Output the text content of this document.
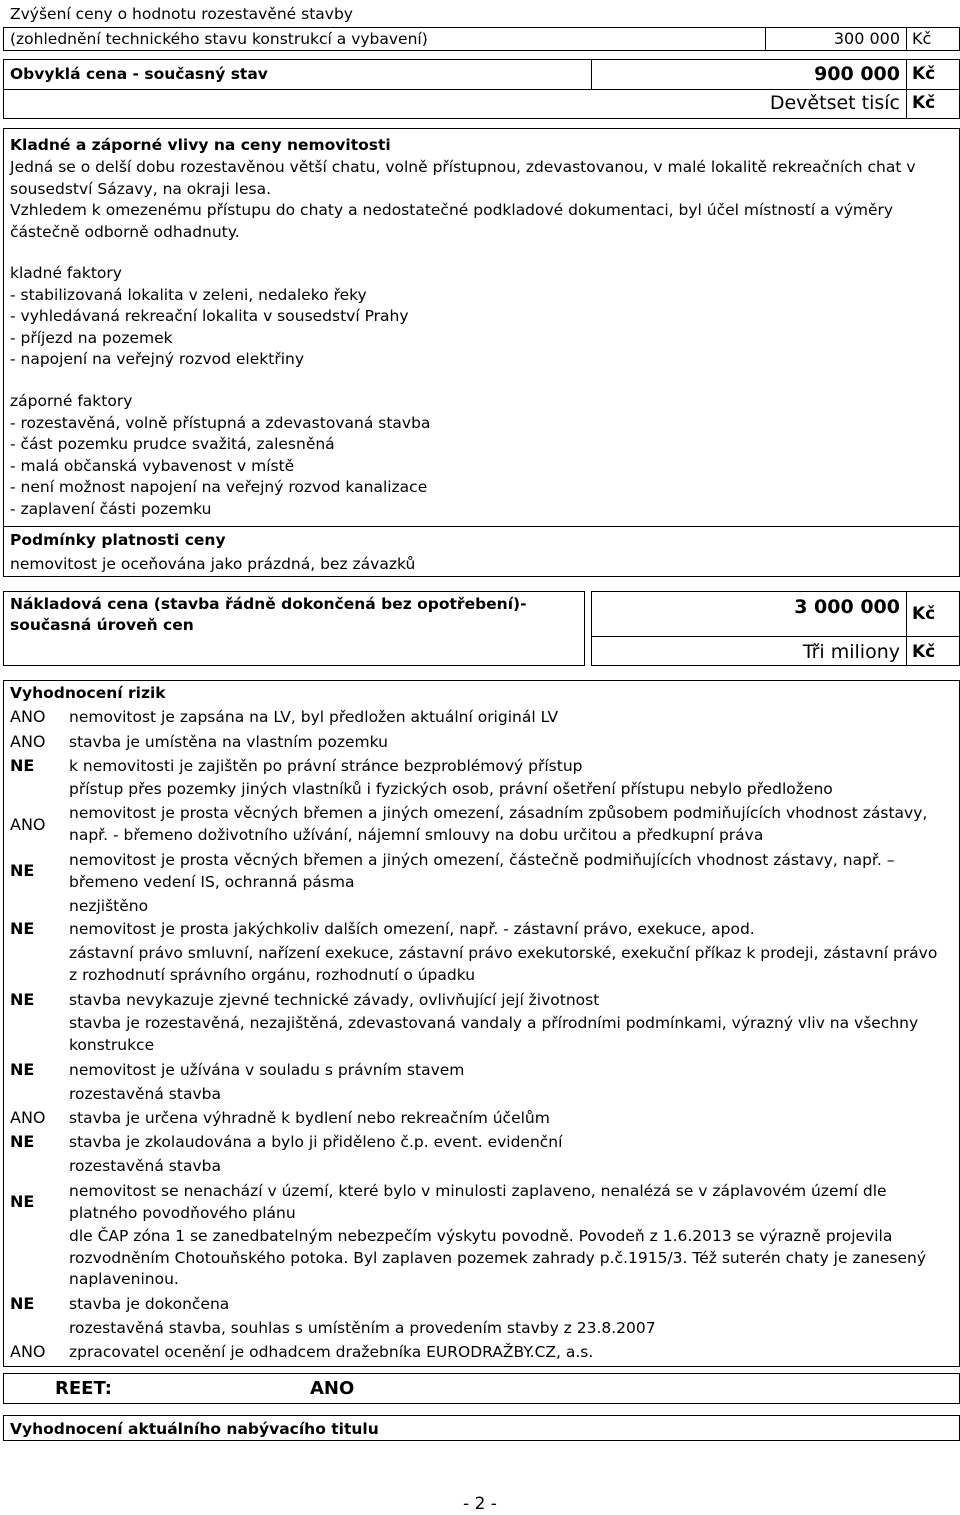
Zvýšení ceny o hodnotu rozestavěné stavby
(zohlednění technického stavu konstrukcí a vybavení)	300 000 Kč
Obvyklá cena - současný stav	900 000 Kč
Devětset tisíc Kč
Kladné a záporné vlivy na ceny nemovitosti
Jedná se o delší dobu rozestavěnou větší chatu, volně přístupnou, zdevastovanou, v malé lokalitě rekreačních chat v sousedství Sázavy, na okraji lesa.
Vzhledem k omezenému přístupu do chaty a nedostatečné podkladové dokumentaci, byl účel místností a výměry částečně odborně odhadnuty.
kladné faktory
- stabilizovaná lokalita v zeleni, nedaleko řeky
- vyhledávaná rekreační lokalita v sousedství Prahy
- příjezd na pozemek
- napojení na veřejný rozvod elektřiny
záporné faktory
- rozestavěná, volně přístupná a zdevastovaná stavba
- část pozemku prudce svažitá, zalesněná
- malá občanská vybavenost v místě
- není možnost napojení na veřejný rozvod kanalizace
- zaplavení části pozemku
Podmínky platnosti ceny
nemovitost je oceňována jako prázdná, bez závazků
Nákladová cena (stavba řádně dokončená bez opotřebení)-
současná úroveň cen
3 000 000 Kč
Tři miliony Kč
Vyhodnocení rizik
ANO nemovitost je zapsána na LV, byl předložen aktuální originál LV
ANO stavba je umístěna na vlastním pozemku
NE k nemovitosti je zajištěn po právní stránce bezproblémový přístup
přístup přes pozemky jiných vlastníků i fyzických osob, právní ošetření přístupu nebylo předloženo
ANO
nemovitost je prosta věcných břemen a jiných omezení, zásadním způsobem podmiňujících vhodnost zástavy, např. - břemeno doživotního užívání, nájemní smlouvy na dobu určitou a předkupní práva
NE
nemovitost je prosta věcných břemen a jiných omezení, částečně podmiňujících vhodnost zástavy, např. – břemeno vedení IS, ochranná pásma
nezjištěno
NE nemovitost je prosta jakýchkoliv dalších omezení, např. - zástavní právo, exekuce, apod.
zástavní právo smluvní, nařízení exekuce, zástavní právo exekutorské, exekuční příkaz k prodeji, zástavní právo z rozhodnutí správního orgánu, rozhodnutí o úpadku
NE stavba nevykazuje zjevné technické závady, ovlivňující její životnost
stavba je rozestavěná, nezajištěná, zdevastovaná vandaly a přírodními podmínkami, výrazný vliv na všechny konstrukce
NE nemovitost je užívána v souladu s právním stavem
rozestavěná stavba
ANO stavba je určena výhradně k bydlení nebo rekreačním účelům
NE stavba je zkolaudována a bylo ji přiděleno č.p. event. evidenční
rozestavěná stavba
NE
nemovitost se nenachází v území, které bylo v minulosti zaplaveno, nenalézá se v záplavovém území dle platného povodňového plánu
dle ČAP zóna 1 se zanedbatelným nebezpečím výskytu povodně. Povodeň z 1.6.2013 se výrazně projevila rozvodněním Chotouňského potoka. Byl zaplaven pozemek zahrady p.č.1915/3. Též suterén chaty je zanesený naplaveninou.
NE stavba je dokončena
rozestavěná stavba, souhlas s umístěním a provedením stavby z 23.8.2007
ANO zpracovatel ocenění je odhadcem dražebníka EURODRAŽBY.CZ, a.s.
REET:	ANO
Vyhodnocení aktuálního nabývacího titulu
- 2 -
